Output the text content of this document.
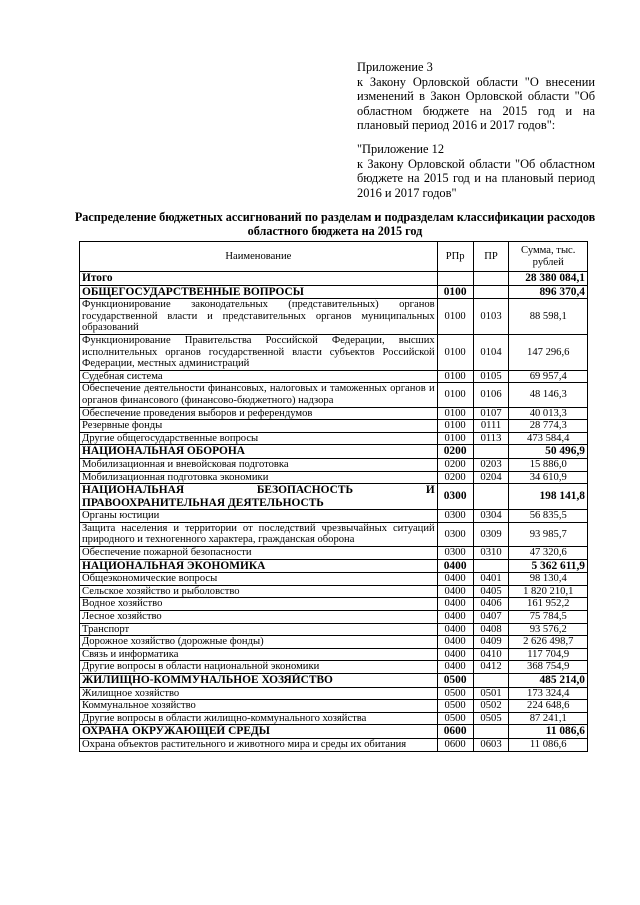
Приложение 3

к Закону Орловской области "О внесении изменений в Закон Орловской области "Об областном бюджете на 2015 год и на плановый период 2016 и 2017 годов":

"Приложение 12

к Закону Орловской области "Об областном бюджете на 2015 год и на плановый период 2016 и 2017 годов"

Распределение бюджетных ассигнований по разделам и подразделам классификации расходов областного бюджета на 2015 год
Наименование	РПр	ПР	Сумма, тыс. рублей
Итого			28 380 084,1
ОБЩЕГОСУДАРСТВЕННЫЕ ВОПРОСЫ	0100		896 370,4
Функционирование законодательных (представительных) органов государственной власти и представительных органов муниципальных образований	0100	0103	88 598,1
Функционирование Правительства Российской Федерации, высших исполнительных органов государственной власти субъектов Российской Федерации, местных администраций	0100	0104	147 296,6
Судебная система	0100	0105	69 957,4
Обеспечение деятельности финансовых, налоговых и таможенных органов и органов финансового (финансово-бюджетного) надзора	0100	0106	48 146,3
Обеспечение проведения выборов и референдумов	0100	0107	40 013,3
Резервные фонды	0100	0111	28 774,3
Другие общегосударственные вопросы	0100	0113	473 584,4
НАЦИОНАЛЬНАЯ ОБОРОНА	0200		50 496,9
Мобилизационная и вневойсковая подготовка	0200	0203	15 886,0
Мобилизационная подготовка экономики	0200	0204	34 610,9
НАЦИОНАЛЬНАЯ БЕЗОПАСНОСТЬ И ПРАВООХРАНИТЕЛЬНАЯ ДЕЯТЕЛЬНОСТЬ	0300		198 141,8
Органы юстиции	0300	0304	56 835,5
Защита населения и территории от последствий чрезвычайных ситуаций природного и техногенного характера, гражданская оборона	0300	0309	93 985,7
Обеспечение пожарной безопасности	0300	0310	47 320,6
НАЦИОНАЛЬНАЯ ЭКОНОМИКА	0400		5 362 611,9
Общеэкономические вопросы	0400	0401	98 130,4
Сельское хозяйство и рыболовство	0400	0405	1 820 210,1
Водное хозяйство	0400	0406	161 952,2
Лесное хозяйство	0400	0407	75 784,5
Транспорт	0400	0408	93 576,2
Дорожное хозяйство (дорожные фонды)	0400	0409	2 626 498,7
Связь и информатика	0400	0410	117 704,9
Другие вопросы в области национальной экономики	0400	0412	368 754,9
ЖИЛИЩНО-КОММУНАЛЬНОЕ ХОЗЯЙСТВО	0500		485 214,0
Жилищное хозяйство	0500	0501	173 324,4
Коммунальное хозяйство	0500	0502	224 648,6
Другие вопросы в области жилищно-коммунального хозяйства	0500	0505	87 241,1
ОХРАНА ОКРУЖАЮЩЕЙ СРЕДЫ	0600		11 086,6
Охрана объектов растительного и животного мира и среды их обитания	0600	0603	11 086,6
